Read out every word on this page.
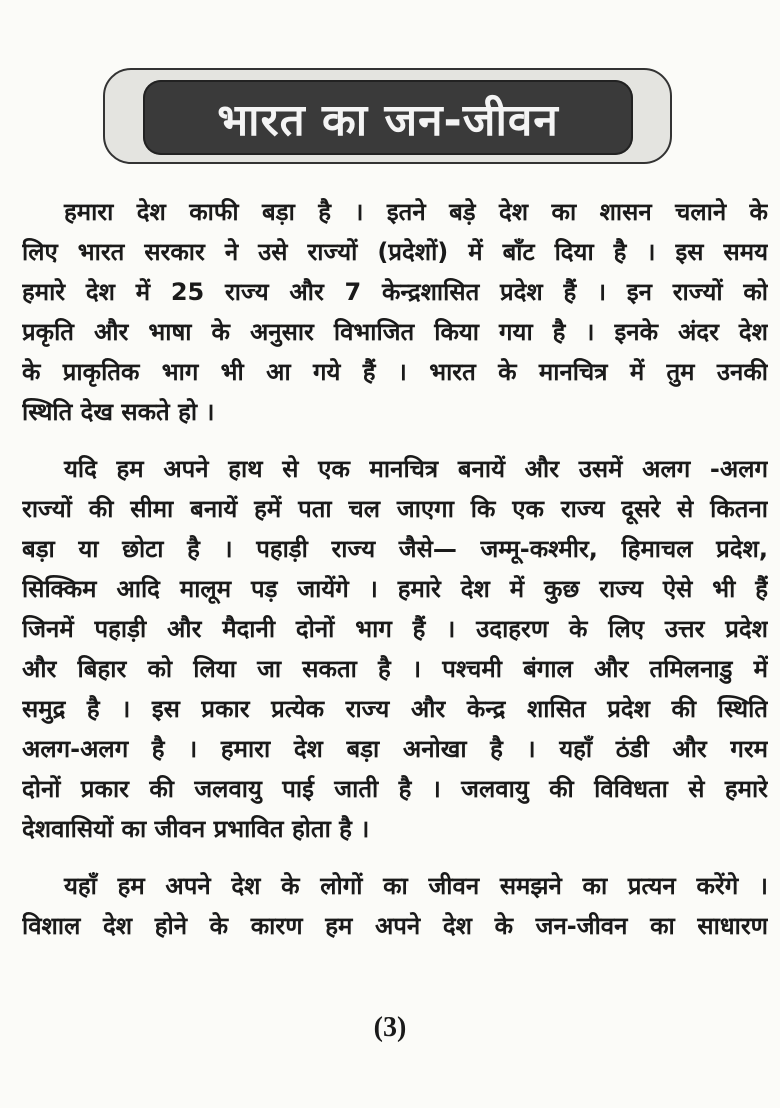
भारत का जन-जीवन
हमारा देश काफी बड़ा है । इतने बड़े देश का शासन चलाने के
लिए भारत सरकार ने उसे राज्यों (प्रदेशों) में बाँट दिया है । इस समय
हमारे देश में 25 राज्य और 7 केन्द्रशासित प्रदेश हैं । इन राज्यों को
प्रकृति और भाषा के अनुसार विभाजित किया गया है । इनके अंदर देश
के प्राकृतिक भाग भी आ गये हैं । भारत के मानचित्र में तुम उनकी
स्थिति देख सकते हो ।
यदि हम अपने हाथ से एक मानचित्र बनायें और उसमें अलग -अलग
राज्यों की सीमा बनायें हमें पता चल जाएगा कि एक राज्य दूसरे से कितना
बड़ा या छोटा है । पहाड़ी राज्य जैसे— जम्मू-कश्मीर, हिमाचल प्रदेश,
सिक्किम आदि मालूम पड़ जायेंगे । हमारे देश में कुछ राज्य ऐसे भी हैं
जिनमें पहाड़ी और मैदानी दोनों भाग हैं । उदाहरण के लिए उत्तर प्रदेश
और बिहार को लिया जा सकता है । पश्चमी बंगाल और तमिलनाडु में
समुद्र है । इस प्रकार प्रत्येक राज्य और केन्द्र शासित प्रदेश की स्थिति
अलग-अलग है । हमारा देश बड़ा अनोखा है । यहाँ ठंडी और गरम
दोनों प्रकार की जलवायु पाई जाती है । जलवायु की विविधता से हमारे
देशवासियों का जीवन प्रभावित होता है ।
यहाँ हम अपने देश के लोगों का जीवन समझने का प्रत्यन करेंगे ।
विशाल देश होने के कारण हम अपने देश के जन-जीवन का साधारण
(3)
